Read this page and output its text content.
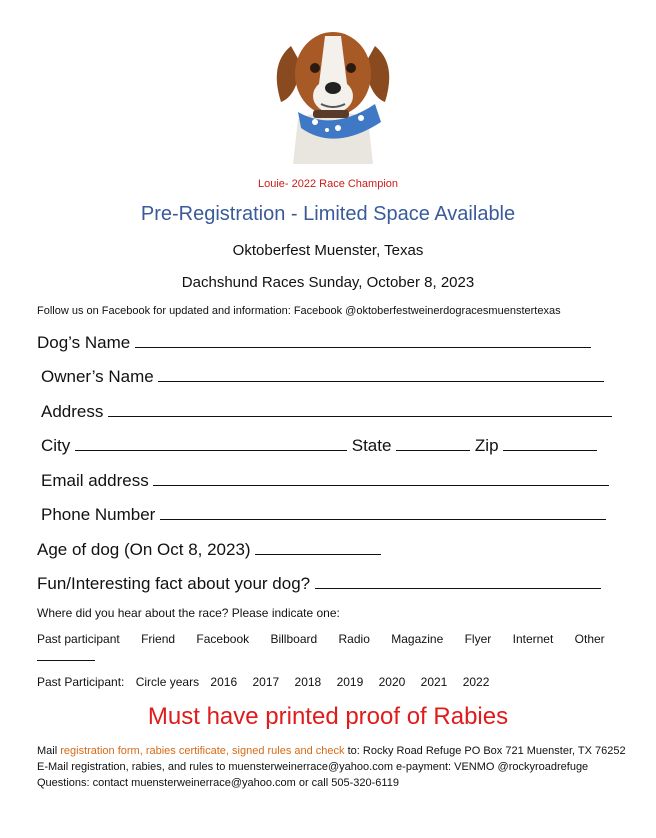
Louie- 2022 Race Champion
Pre-Registration - Limited Space Available
Oktoberfest Muenster, Texas
Dachshund Races Sunday, October 8, 2023
Follow us on Facebook for updated and information: Facebook @oktoberfestweinerdogracesmuenstertexas
Dog’s Name
Owner’s Name
Address
City	State	Zip
Email address
Phone Number
Age of dog (On Oct 8, 2023)
Fun/Interesting fact about your dog?
Where did you hear about the race? Please indicate one:
Past participant Friend Facebook Billboard Radio Magazine Flyer Internet Other
Past Participant: Circle years 2016 2017 2018 2019 2020 2021 2022
Must have printed proof of Rabies
Mail registration form, rabies certificate, signed rules and check to: Rocky Road Refuge PO Box 721 Muenster, TX 76252
E-Mail registration, rabies, and rules to muensterweinerrace@yahoo.com e-payment: VENMO @rockyroadrefuge
Questions: contact muensterweinerrace@yahoo.com or call 505-320-6119
